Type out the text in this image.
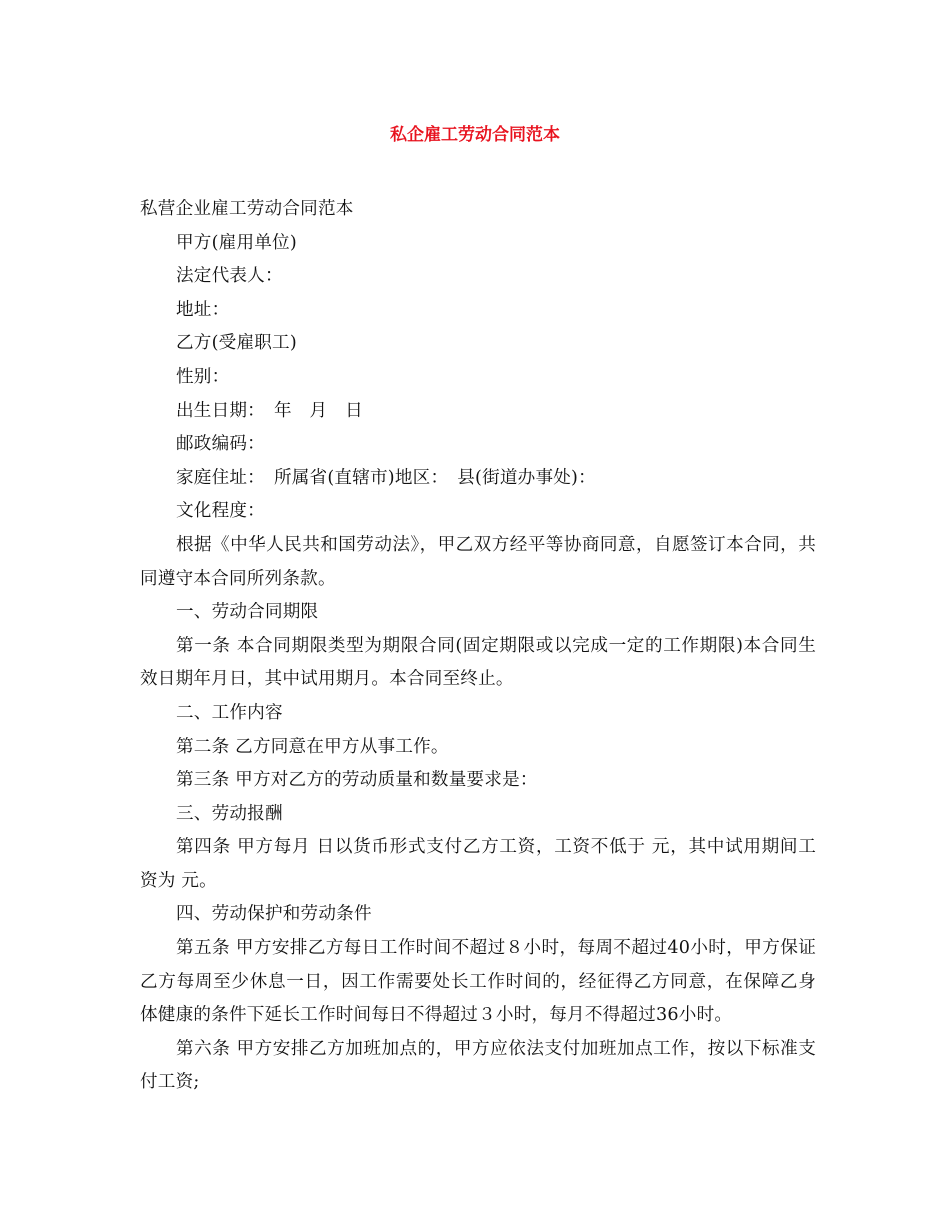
私企雇工劳动合同范本

私营企业雇工劳动合同范本

甲方(雇用单位)

法定代表人：

地址：

乙方(受雇职工)

性别：

出生日期：　年　月　日

邮政编码：

家庭住址：　所属省(直辖市)地区：　县(街道办事处)：

文化程度：

根据《中华人民共和国劳动法》，甲乙双方经平等协商同意，自愿签订本合同，共同遵守本合同所列条款。

一、劳动合同期限

第一条 本合同期限类型为期限合同(固定期限或以完成一定的工作期限)本合同生效日期年月日，其中试用期月。本合同至终止。

二、工作内容

第二条 乙方同意在甲方从事工作。

第三条 甲方对乙方的劳动质量和数量要求是：

三、劳动报酬

第四条 甲方每月 日以货币形式支付乙方工资，工资不低于 元，其中试用期间工资为 元。

四、劳动保护和劳动条件

第五条 甲方安排乙方每日工作时间不超过８小时，每周不超过40小时，甲方保证乙方每周至少休息一日，因工作需要处长工作时间的，经征得乙方同意，在保障乙身体健康的条件下延长工作时间每日不得超过３小时，每月不得超过36小时。

第六条 甲方安排乙方加班加点的，甲方应依法支付加班加点工作，按以下标准支付工资;
